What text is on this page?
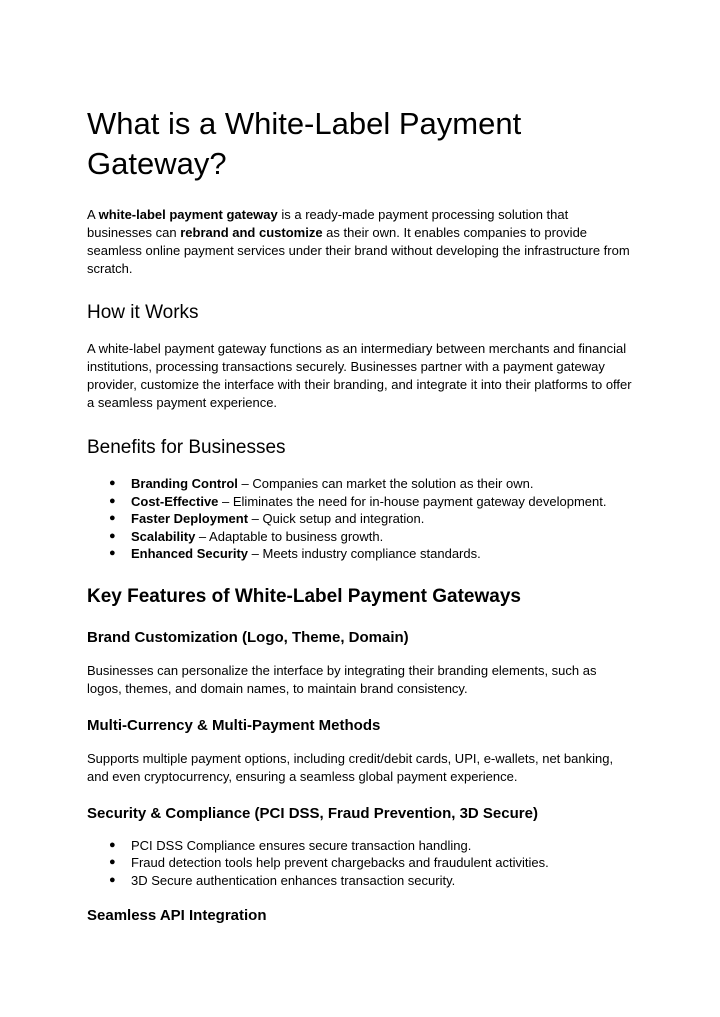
What is a White-Label Payment Gateway?

A white-label payment gateway is a ready-made payment processing solution that businesses can rebrand and customize as their own. It enables companies to provide seamless online payment services under their brand without developing the infrastructure from scratch.

How it Works

A white-label payment gateway functions as an intermediary between merchants and financial institutions, processing transactions securely. Businesses partner with a payment gateway provider, customize the interface with their branding, and integrate it into their platforms to offer a seamless payment experience.

Benefits for Businesses
● Branding Control – Companies can market the solution as their own.
● Cost-Effective – Eliminates the need for in-house payment gateway development.
● Faster Deployment – Quick setup and integration.
● Scalability – Adaptable to business growth.
● Enhanced Security – Meets industry compliance standards.
Key Features of White-Label Payment Gateways
Brand Customization (Logo, Theme, Domain)

Businesses can personalize the interface by integrating their branding elements, such as logos, themes, and domain names, to maintain brand consistency.

Multi-Currency & Multi-Payment Methods

Supports multiple payment options, including credit/debit cards, UPI, e-wallets, net banking, and even cryptocurrency, ensuring a seamless global payment experience.

Security & Compliance (PCI DSS, Fraud Prevention, 3D Secure)
● PCI DSS Compliance ensures secure transaction handling.
● Fraud detection tools help prevent chargebacks and fraudulent activities.
● 3D Secure authentication enhances transaction security.
Seamless API Integration
